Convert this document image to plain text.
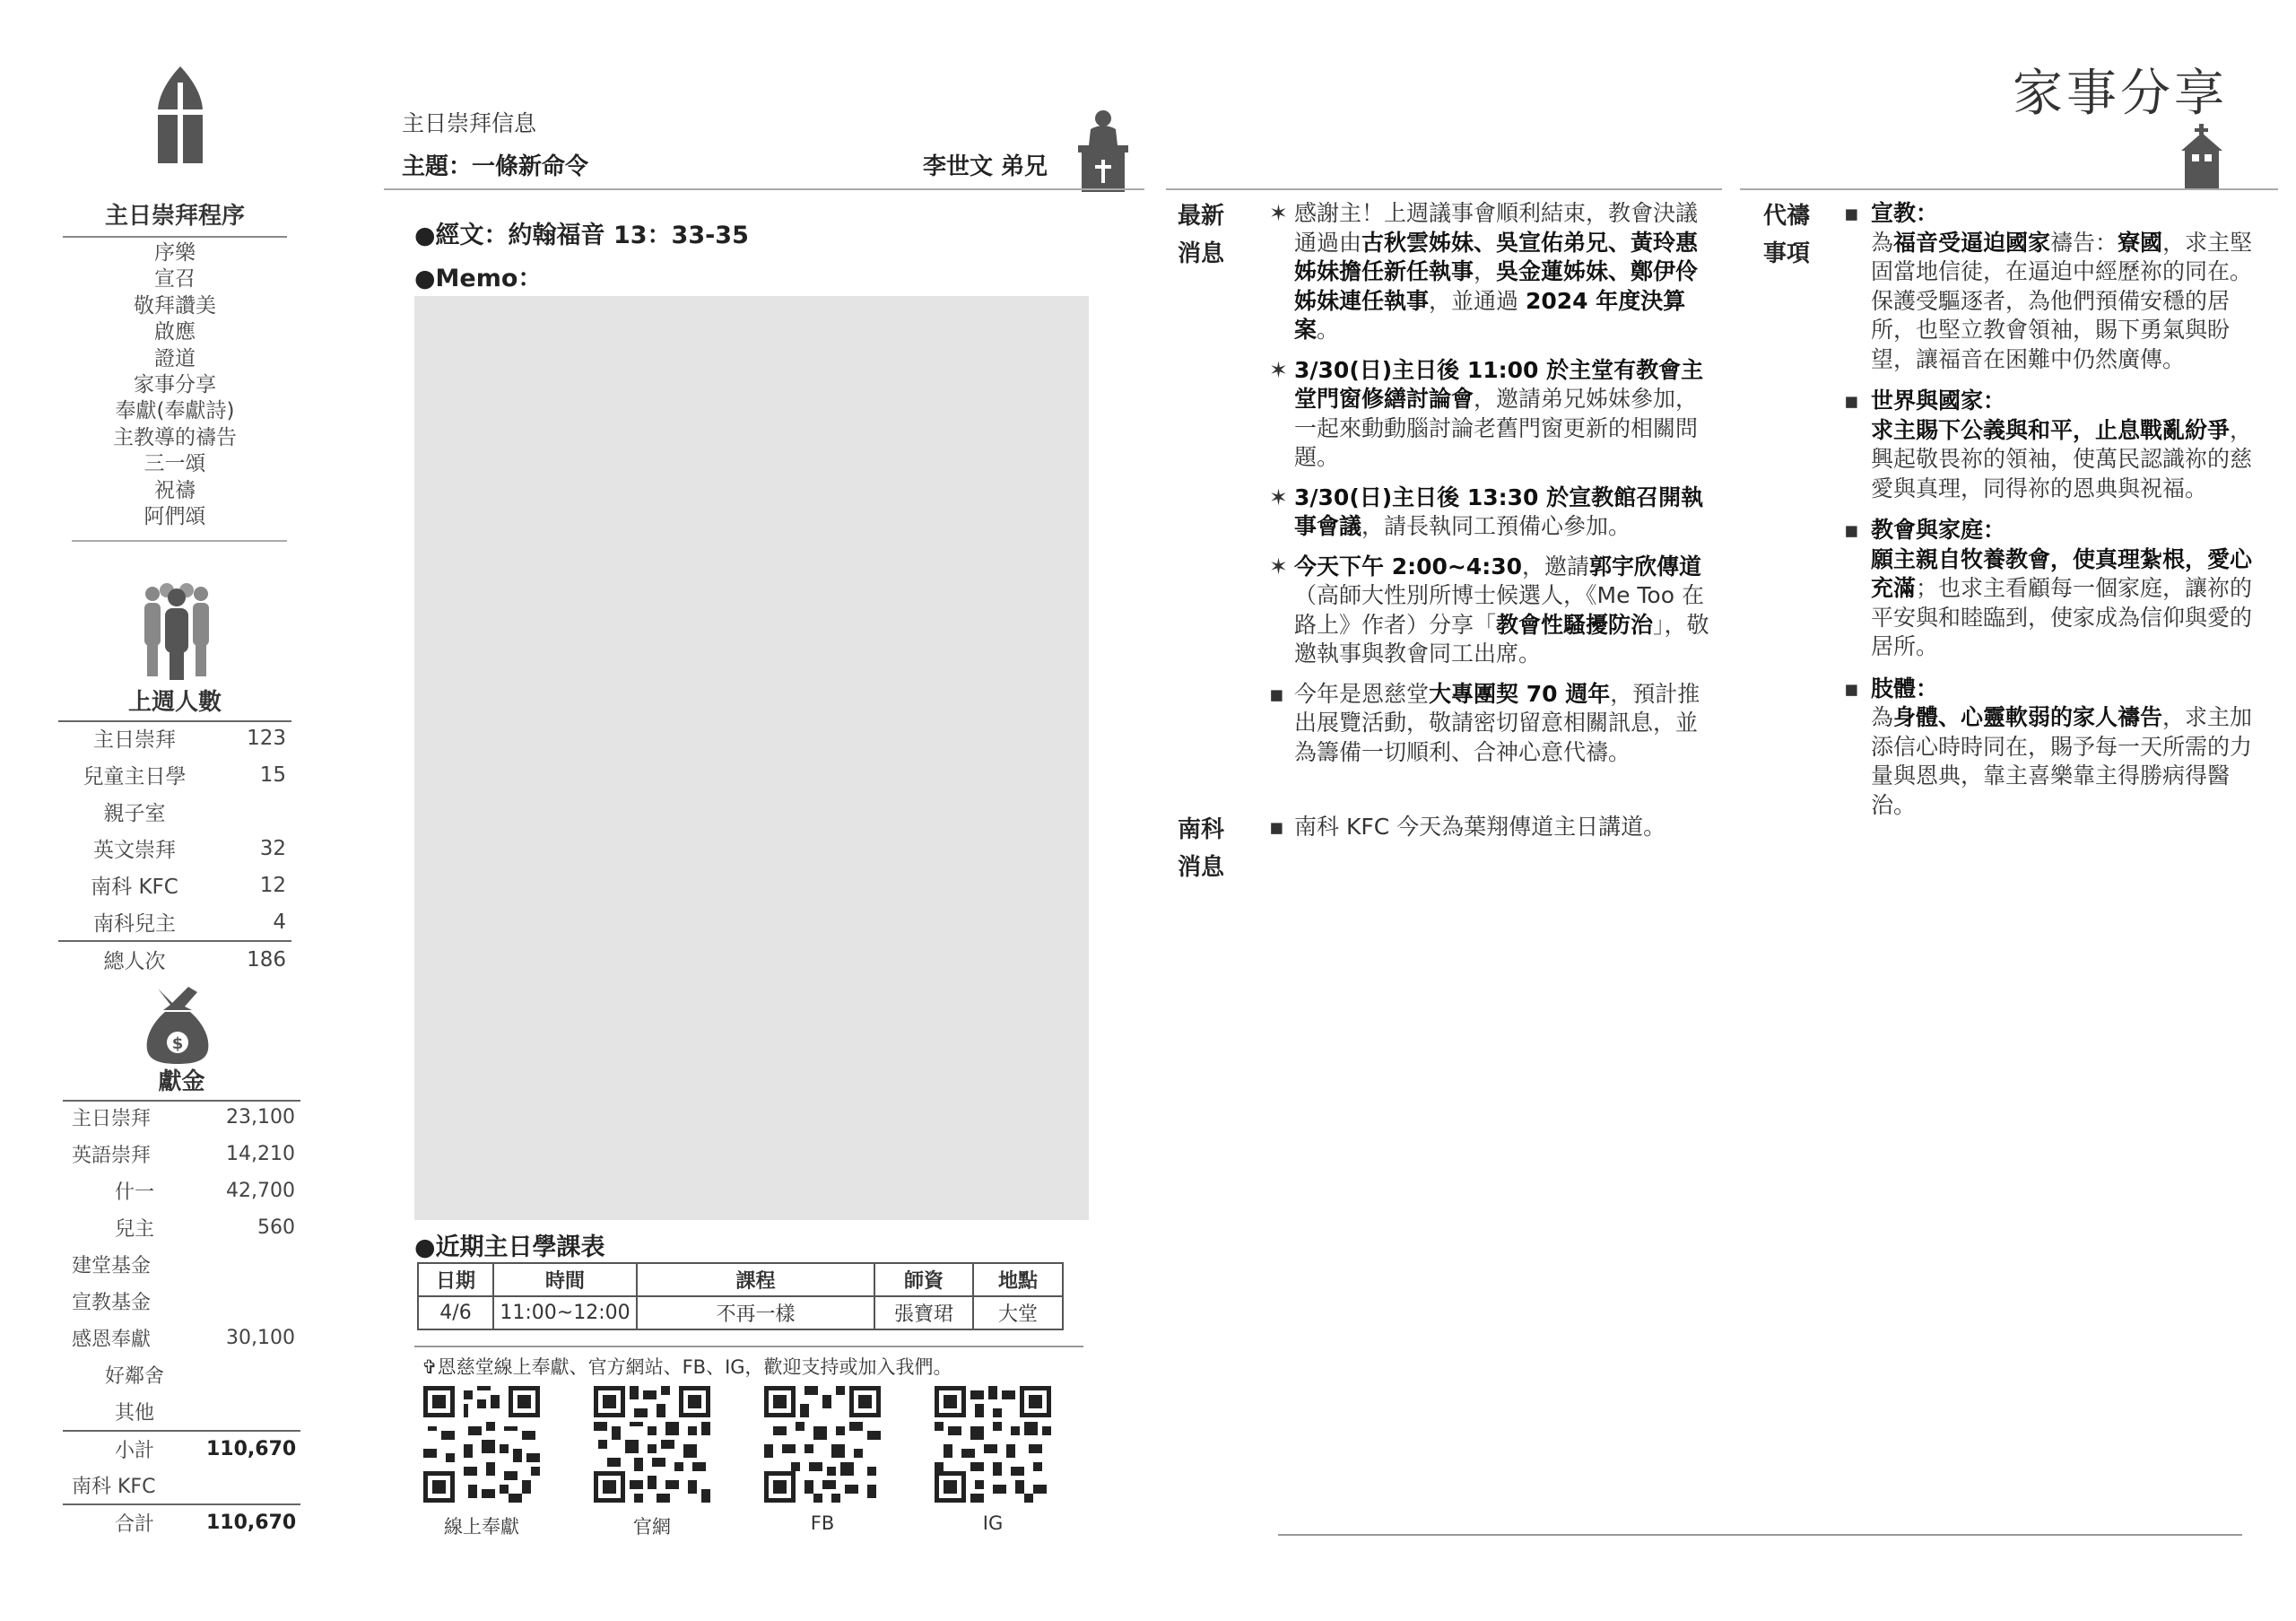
主日崇拜程序
序樂
宣召
敬拜讚美
啟應
證道
家事分享
奉獻(奉獻詩)
主教導的禱告
三一頌
祝禱
阿們頌
上週人數
主日崇拜	123
兒童主日學	15
親子室
英文崇拜	32
南科 KFC	12
南科兒主	4
總人次	186
$
獻金
主日崇拜	23,100
英語崇拜	14,210
什一	42,700
兒主	560
建堂基金
宣教基金
感恩奉獻	30,100
好鄰舍
其他
小計	110,670
南科 KFC
合計	110,670
主日崇拜信息
主題：一條新命令	李世文 弟兄
●經文：約翰福音 13：33-35
●Memo：
●近期主日學課表
日期	時間	課程	師資	地點
4/6	11:00~12:00	不再一樣	張寶珺	大堂
✞恩慈堂線上奉獻、官方網站、FB、IG，歡迎支持或加入我們。
線上奉獻	官網	FB	IG
家事分享
最新
消息
✶ 感謝主！上週議事會順利結束，教會決議通過由古秋雲姊妹、吳宣佑弟兄、黃玲惠姊妹擔任新任執事，吳金蓮姊妹、鄭伊伶姊妹連任執事，並通過 2024 年度決算案。
✶ 3/30(日)主日後 11:00 於主堂有教會主堂門窗修繕討論會，邀請弟兄姊妹參加，一起來動動腦討論老舊門窗更新的相關問題。
✶ 3/30(日)主日後 13:30 於宣教館召開執事會議，請長執同工預備心參加。
✶ 今天下午 2:00~4:30，邀請郭宇欣傳道（高師大性別所博士候選人，《Me Too 在路上》作者）分享「教會性騷擾防治」，敬邀執事與教會同工出席。
▪ 今年是恩慈堂大專團契 70 週年，預計推出展覽活動，敬請密切留意相關訊息，並為籌備一切順利、合神心意代禱。
南科
消息
▪ 南科 KFC 今天為葉翔傳道主日講道。
代禱
事項
▪ 宣教：
為福音受逼迫國家禱告：寮國，求主堅固當地信徒，在逼迫中經歷祢的同在。保護受驅逐者，為他們預備安穩的居所，也堅立教會領袖，賜下勇氣與盼望，讓福音在困難中仍然廣傳。
▪ 世界與國家：
求主賜下公義與和平，止息戰亂紛爭，興起敬畏祢的領袖，使萬民認識祢的慈愛與真理，同得祢的恩典與祝福。
▪ 教會與家庭：
願主親自牧養教會，使真理紮根，愛心充滿；也求主看顧每一個家庭，讓祢的平安與和睦臨到，使家成為信仰與愛的居所。
▪ 肢體：
為身體、心靈軟弱的家人禱告，求主加添信心時時同在，賜予每一天所需的力量與恩典，靠主喜樂靠主得勝病得醫治。
